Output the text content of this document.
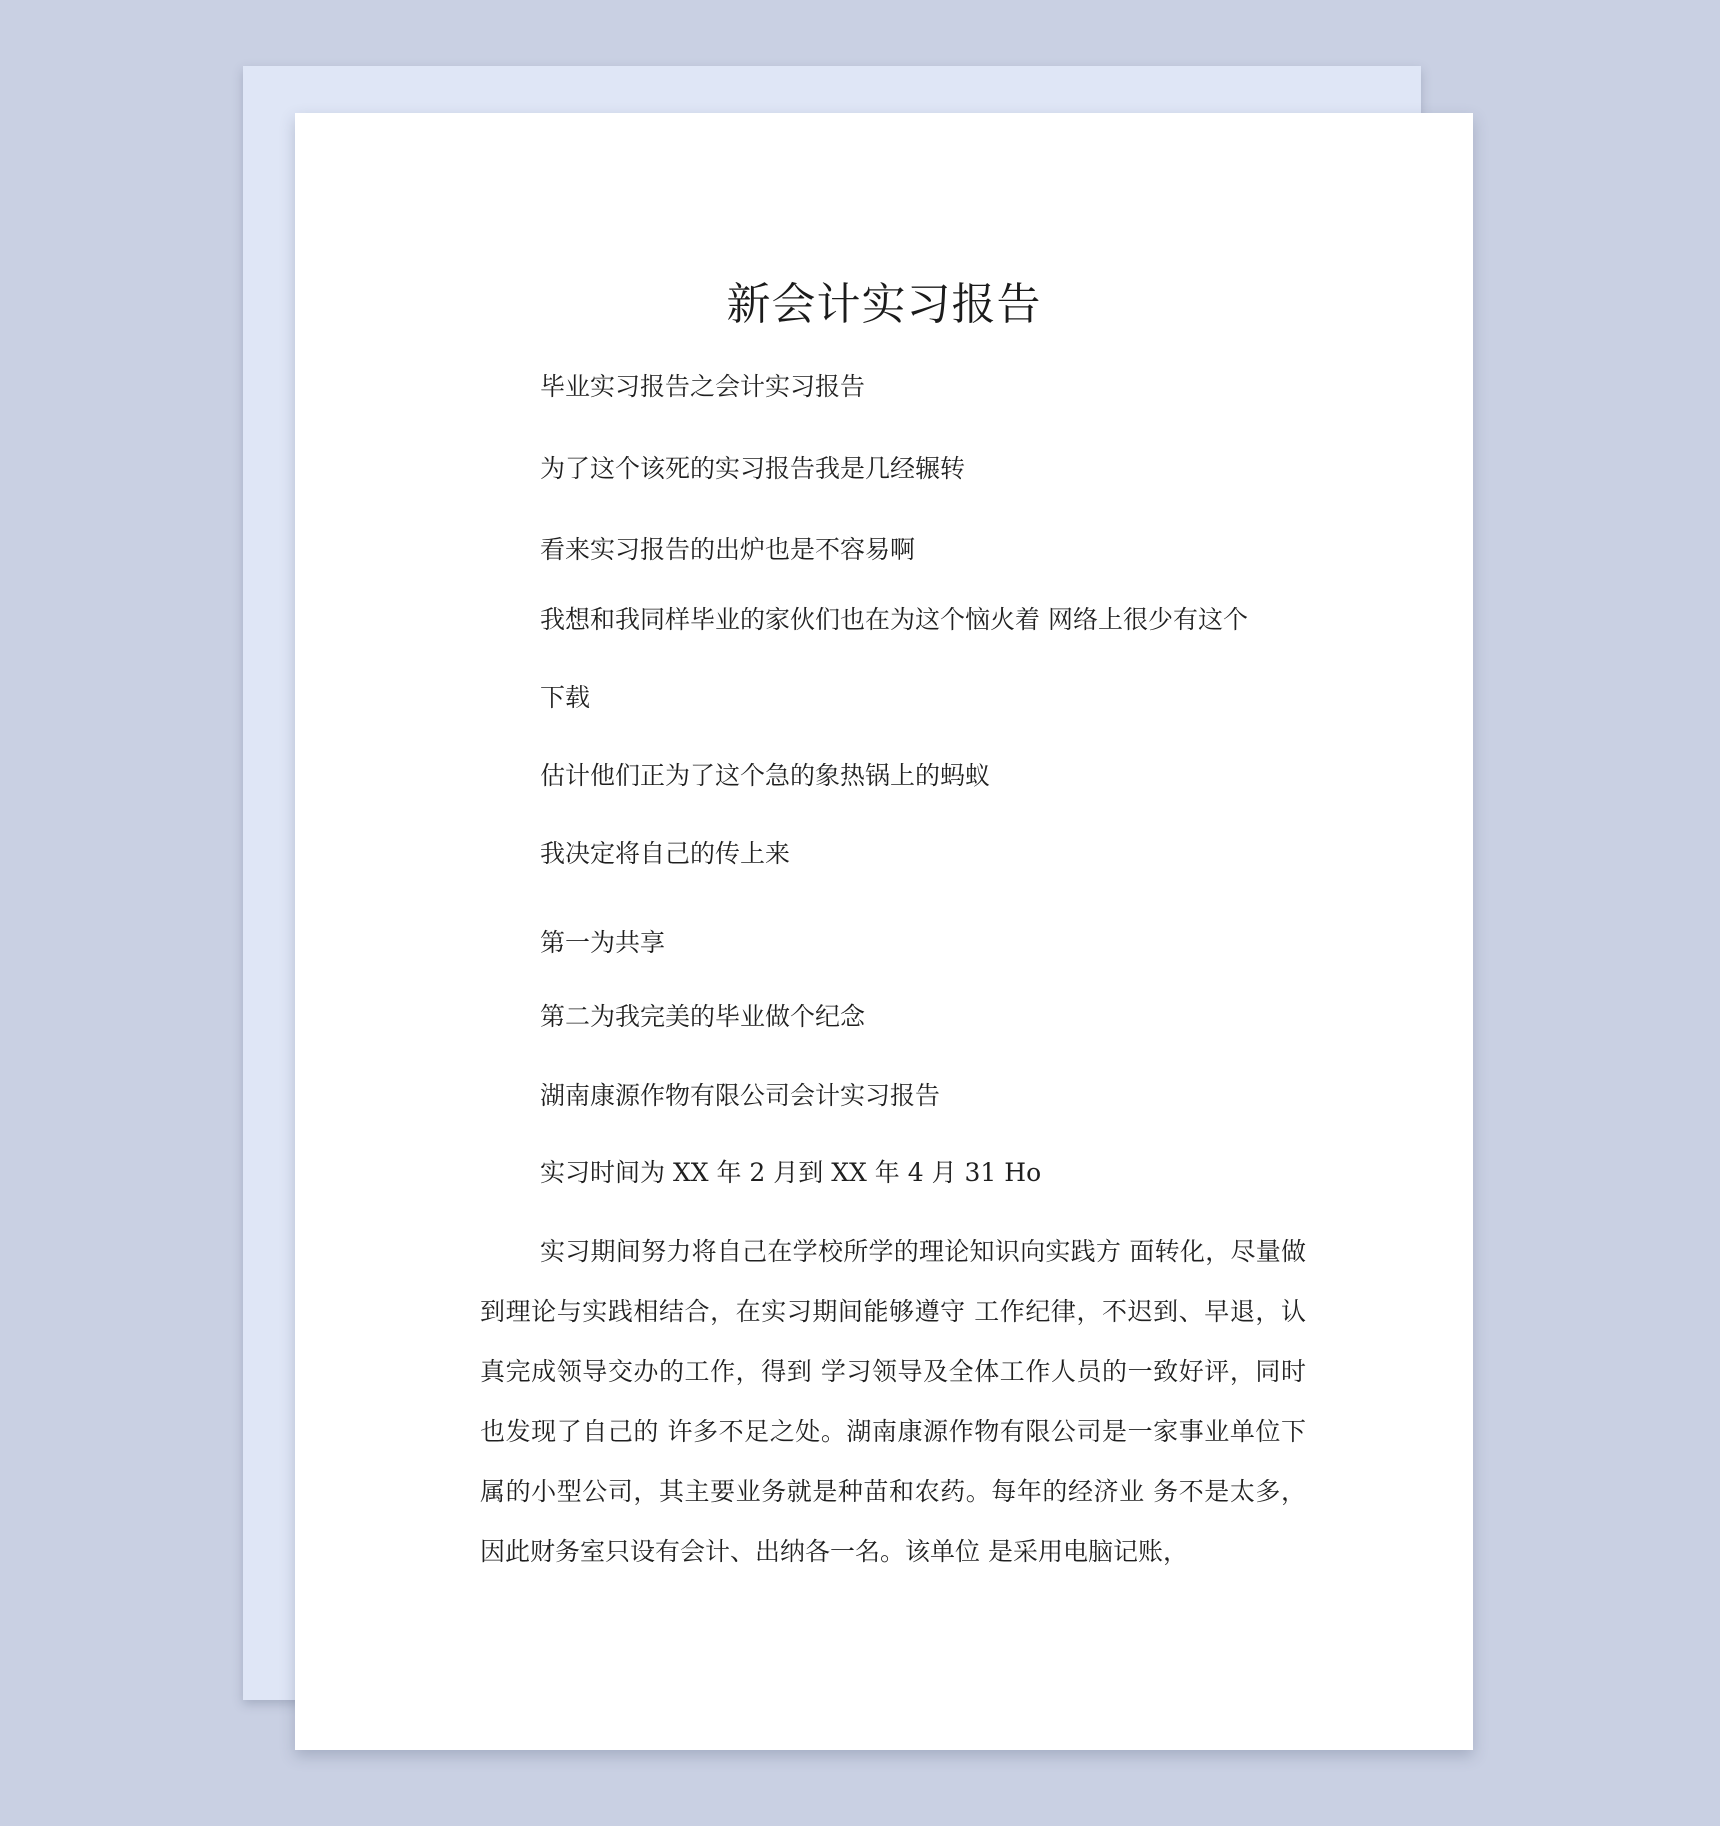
新会计实习报告

毕业实习报告之会计实习报告

为了这个该死的实习报告我是几经辗转

看来实习报告的出炉也是不容易啊

我想和我同样毕业的家伙们也在为这个恼火着 网络上很少有这个

下载

估计他们正为了这个急的象热锅上的蚂蚁

我决定将自己的传上来

第一为共享

第二为我完美的毕业做个纪念

湖南康源作物有限公司会计实习报告

实习时间为 XX 年 2 月到 XX 年 4 月 31 Ho

实习期间努力将自己在学校所学的理论知识向实践方 面转化，尽量做到理论与实践相结合，在实习期间能够遵守 工作纪律，不迟到、早退，认真完成领导交办的工作，得到 学习领导及全体工作人员的一致好评，同时也发现了自己的 许多不足之处。湖南康源作物有限公司是一家事业单位下 属的小型公司，其主要业务就是种苗和农药。每年的经济业 务不是太多，因此财务室只设有会计、出纳各一名。该单位 是采用电脑记账，
